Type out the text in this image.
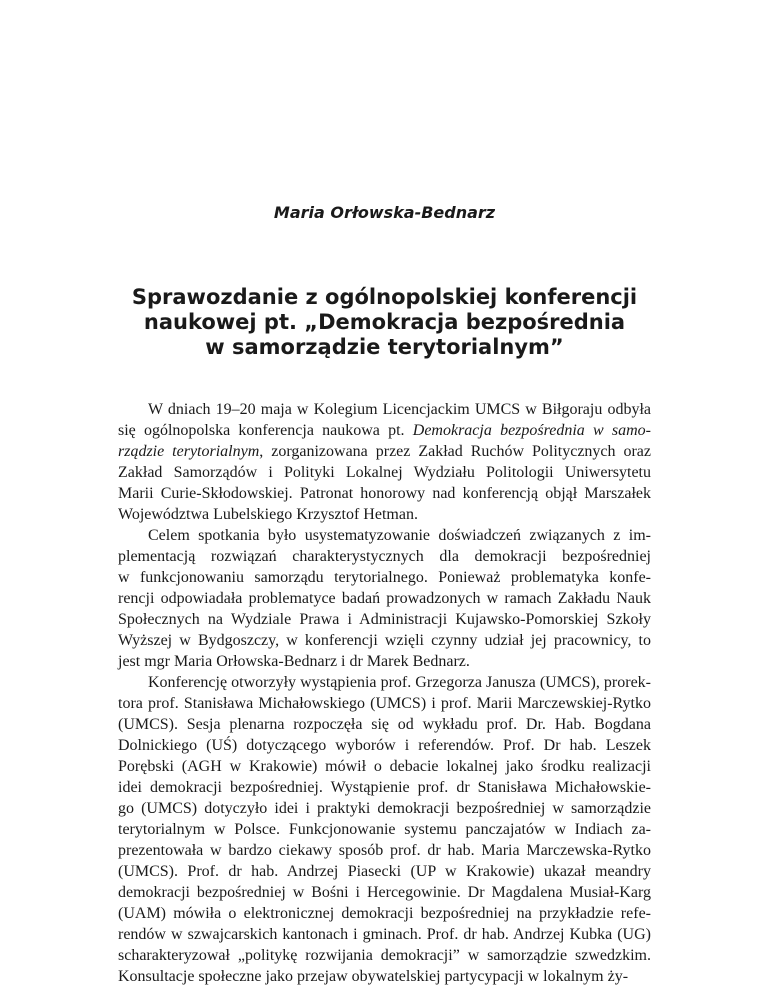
Maria Orłowska-Bednarz

Sprawozdanie z ogólnopolskiej konferencji
naukowej pt. „Demokracja bezpośrednia
w samorządzie terytorialnym”
W dniach 19–20 maja w Kolegium Licencjackim UMCS w Biłgoraju odbyła
się ogólnopolska konferencja naukowa pt. Demokracja bezpośrednia w samo-
rządzie terytorialnym, zorganizowana przez Zakład Ruchów Politycznych oraz
Zakład Samorządów i Polityki Lokalnej Wydziału Politologii Uniwersytetu
Marii Curie-Skłodowskiej. Patronat honorowy nad konferencją objął Marszałek
Województwa Lubelskiego Krzysztof Hetman.
Celem spotkania było usystematyzowanie doświadczeń związanych z im-
plementacją rozwiązań charakterystycznych dla demokracji bezpośredniej
w funkcjonowaniu samorządu terytorialnego. Ponieważ problematyka konfe-
rencji odpowiadała problematyce badań prowadzonych w ramach Zakładu Nauk
Społecznych na Wydziale Prawa i Administracji Kujawsko-Pomorskiej Szkoły
Wyższej w Bydgoszczy, w konferencji wzięli czynny udział jej pracownicy, to
jest mgr Maria Orłowska-Bednarz i dr Marek Bednarz.
Konferencję otworzyły wystąpienia prof. Grzegorza Janusza (UMCS), prorek-
tora prof. Stanisława Michałowskiego (UMCS) i prof. Marii Marczewskiej-Rytko
(UMCS). Sesja plenarna rozpoczęła się od wykładu prof. Dr. Hab. Bogdana
Dolnickiego (UŚ) dotyczącego wyborów i referendów. Prof. Dr hab. Leszek
Porębski (AGH w Krakowie) mówił o debacie lokalnej jako środku realizacji
idei demokracji bezpośredniej. Wystąpienie prof. dr Stanisława Michałowskie-
go (UMCS) dotyczyło idei i praktyki demokracji bezpośredniej w samorządzie
terytorialnym w Polsce. Funkcjonowanie systemu panczajatów w Indiach za-
prezentowała w bardzo ciekawy sposób prof. dr hab. Maria Marczewska-Rytko
(UMCS). Prof. dr hab. Andrzej Piasecki (UP w Krakowie) ukazał meandry
demokracji bezpośredniej w Bośni i Hercegowinie. Dr Magdalena Musiał-Karg
(UAM) mówiła o elektronicznej demokracji bezpośredniej na przykładzie refe-
rendów w szwajcarskich kantonach i gminach. Prof. dr hab. Andrzej Kubka (UG)
scharakteryzował „politykę rozwijania demokracji” w samorządzie szwedzkim.
Konsultacje społeczne jako przejaw obywatelskiej partycypacji w lokalnym ży-
